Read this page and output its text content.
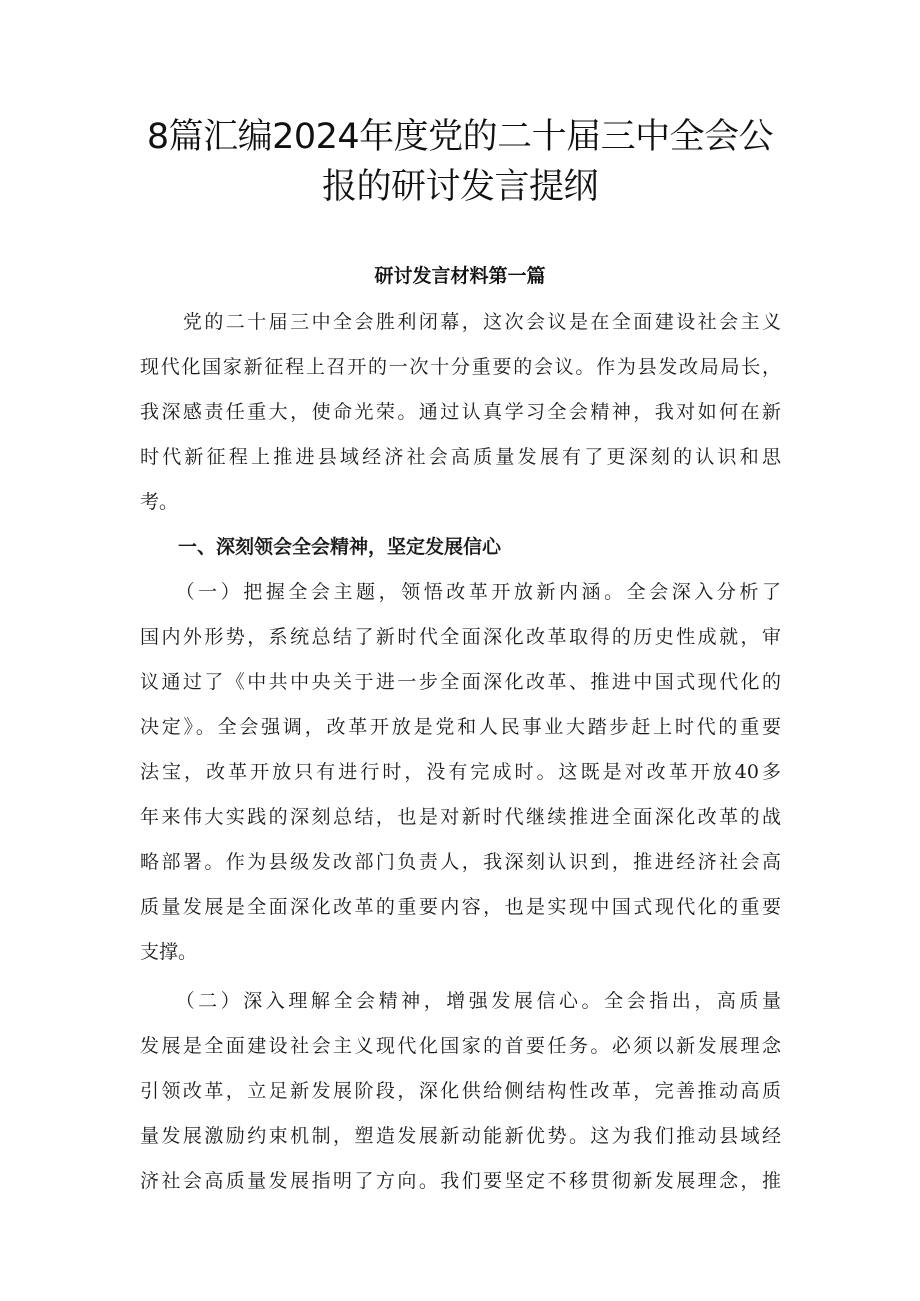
8篇汇编2024年度党的二十届三中全会公
报的研讨发言提纲
研讨发言材料第一篇
　　党的二十届三中全会胜利闭幕，这次会议是在全面建设社会主义
现代化国家新征程上召开的一次十分重要的会议。作为县发改局局长，
我深感责任重大，使命光荣。通过认真学习全会精神，我对如何在新
时代新征程上推进县域经济社会高质量发展有了更深刻的认识和思
考。
一、深刻领会全会精神，坚定发展信心
　　（一）把握全会主题，领悟改革开放新内涵。全会深入分析了
国内外形势，系统总结了新时代全面深化改革取得的历史性成就，审
议通过了《中共中央关于进一步全面深化改革、推进中国式现代化的
决定》。全会强调，改革开放是党和人民事业大踏步赶上时代的重要
法宝，改革开放只有进行时，没有完成时。这既是对改革开放40多
年来伟大实践的深刻总结，也是对新时代继续推进全面深化改革的战
略部署。作为县级发改部门负责人，我深刻认识到，推进经济社会高
质量发展是全面深化改革的重要内容，也是实现中国式现代化的重要
支撑。
　　（二）深入理解全会精神，增强发展信心。全会指出，高质量
发展是全面建设社会主义现代化国家的首要任务。必须以新发展理念
引领改革，立足新发展阶段，深化供给侧结构性改革，完善推动高质
量发展激励约束机制，塑造发展新动能新优势。这为我们推动县域经
济社会高质量发展指明了方向。我们要坚定不移贯彻新发展理念，推
